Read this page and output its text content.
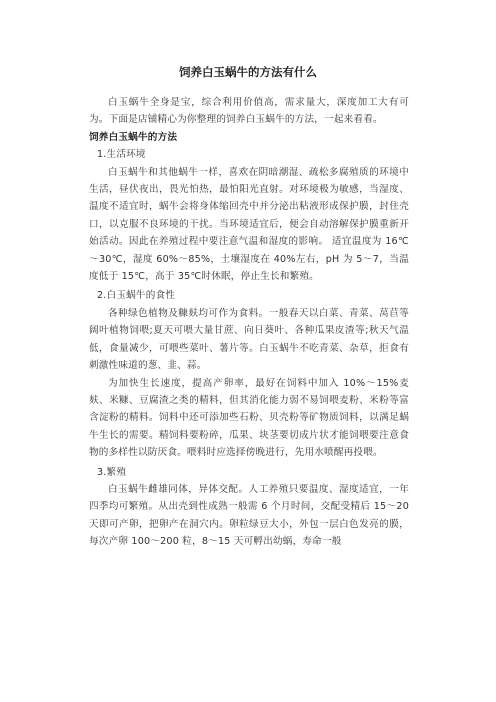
饲养白玉蜗牛的方法有什么

白玉蜗牛全身是宝，综合利用价值高，需求量大，深度加工大有可为。下面是店铺精心为你整理的饲养白玉蜗牛的方法，一起来看看。

饲养白玉蜗牛的方法

1.生活环境

白玉蜗牛和其他蜗牛一样，喜欢在阴暗潮湿、疏松多腐殖质的环境中生活，昼伏夜出，畏光怕热，最怕阳光直射。对环境极为敏感，当湿度、温度不适宜时，蜗牛会将身体缩回壳中并分泌出粘液形成保护膜，封住壳口，以克服不良环境的干扰。当环境适宜后，便会自动溶解保护膜重新开始活动。因此在养殖过程中要注意气温和湿度的影响。 适宜温度为 16℃～30℃，湿度 60%～85%，土壤湿度在 40%左右，pH 为 5～7，当温度低于 15℃，高于 35℃时休眠，停止生长和繁殖。

2.白玉蜗牛的食性

各种绿色植物及糠麸均可作为食料。一般春天以白菜、青菜、莴苣等阔叶植物饲喂;夏天可喂大量甘蔗、向日葵叶、各种瓜果皮渣等;秋天气温低，食量减少，可喂些菜叶、薯片等。白玉蜗牛不吃青菜、杂草，拒食有刺激性味道的葱、韭、蒜。

为加快生长速度，提高产卵率，最好在饲料中加入 10%～15%麦麸、米糠、豆腐渣之类的精料，但其消化能力弱不易饲喂麦粉、米粉等富含淀粉的精料。饲料中还可添加些石粉、贝壳粉等矿物质饲料，以满足蜗牛生长的需要。精饲料要粉碎，瓜果、块茎要切成片状才能饲喂要注意食物的多样性以防厌食。喂料时应选择傍晚进行，先用水喷醒再投喂。

3.繁殖

白玉蜗牛雌雄同体，异体交配。人工养殖只要温度、湿度适宜，一年四季均可繁殖。从出壳到性成熟一般需 6 个月时间，交配受精后 15～20 天即可产卵，把卵产在洞穴内。卵粒绿豆大小，外包一层白色发亮的膜，每次产卵 100～200 粒，8～15 天可孵出幼蜗，寿命一般
